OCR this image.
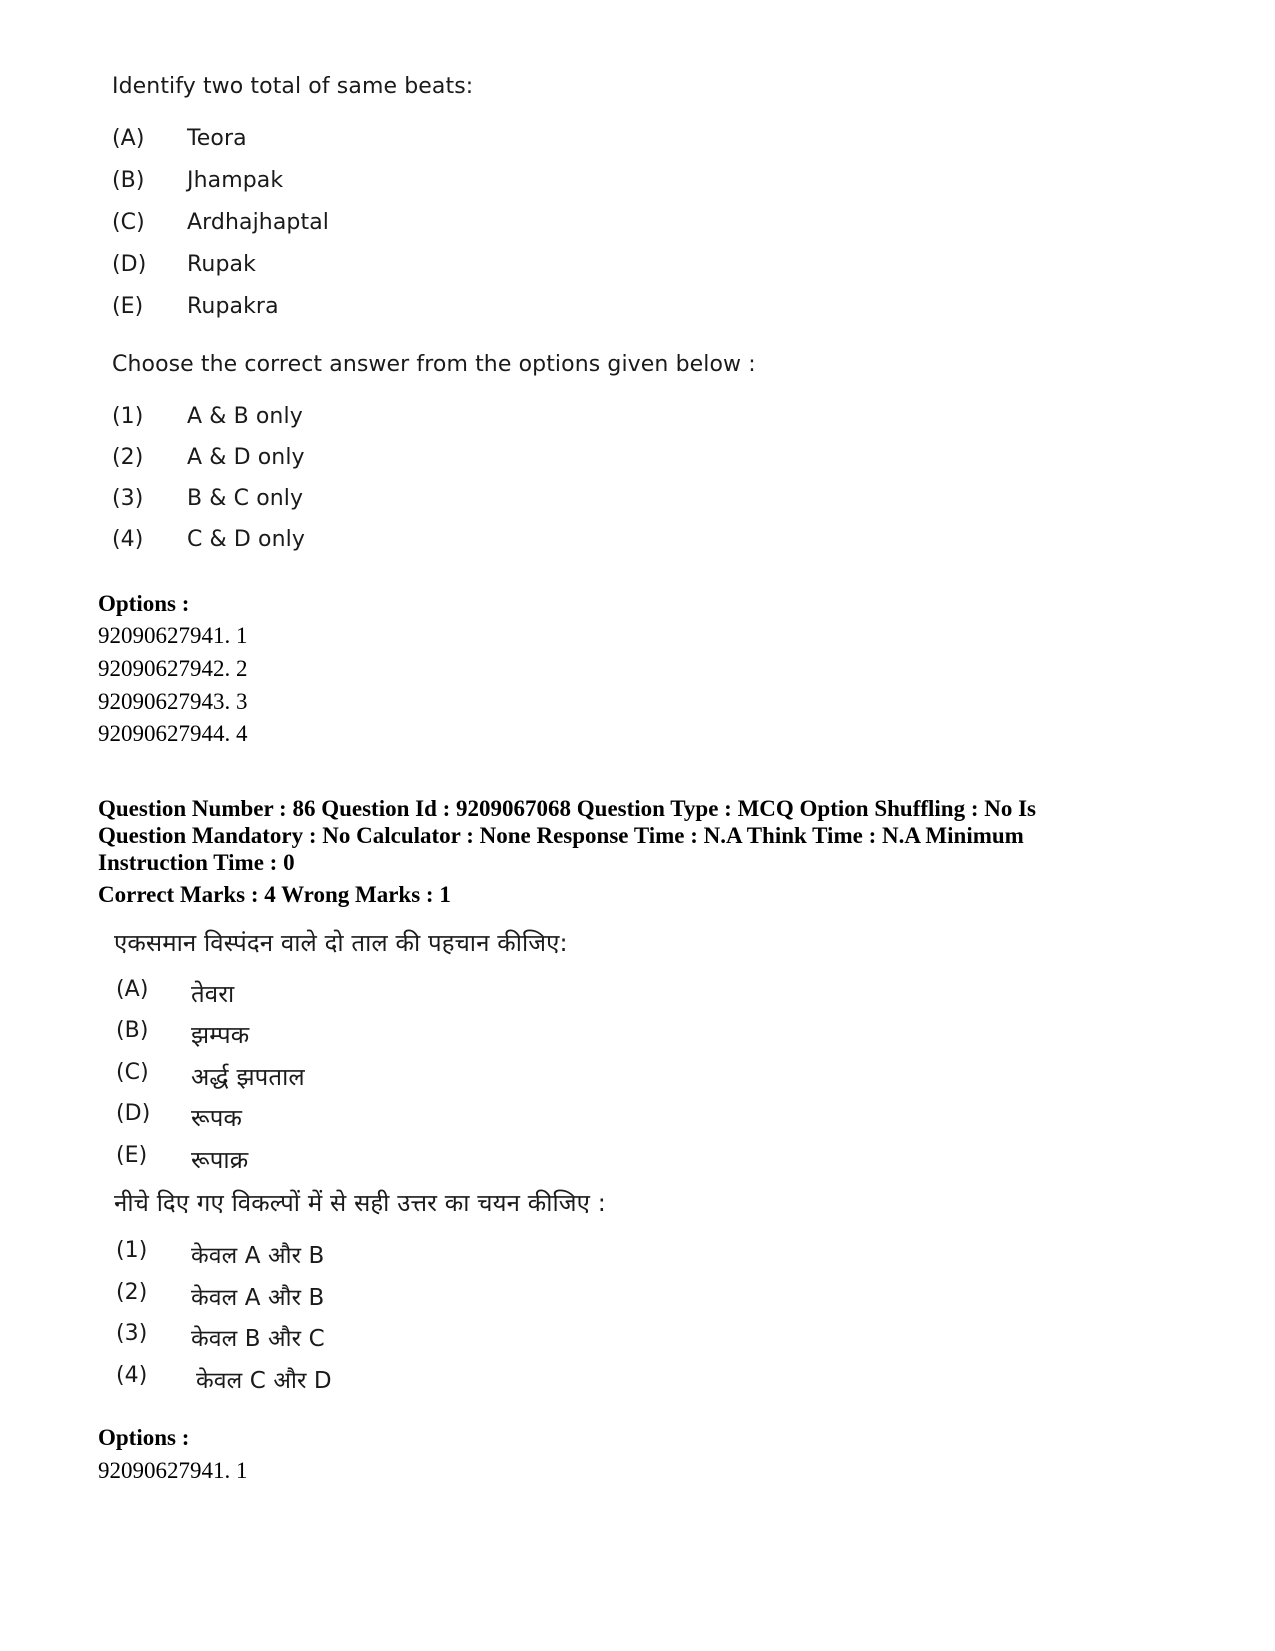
Identify two total of same beats:
(A) Teora
(B) Jhampak
(C) Ardhajhaptal
(D) Rupak
(E) Rupakra
Choose the correct answer from the options given below :
(1) A & B only
(2) A & D only
(3) B & C only
(4) C & D only
Options :
92090627941. 1
92090627942. 2
92090627943. 3
92090627944. 4
Question Number : 86 Question Id : 9209067068 Question Type : MCQ Option Shuffling : No Is
Question Mandatory : No Calculator : None Response Time : N.A Think Time : N.A Minimum
Instruction Time : 0
Correct Marks : 4 Wrong Marks : 1
एकसमान विस्पंदन वाले दो ताल की पहचान कीजिए:
(A) तेवरा
(B) झम्पक
(C) अर्द्ध झपताल
(D) रूपक
(E) रूपाक्र
नीचे दिए गए विकल्पों में से सही उत्तर का चयन कीजिए :
(1) केवल A और B
(2) केवल A और B
(3) केवल B और C
(4) केवल C और D
Options :
92090627941. 1
